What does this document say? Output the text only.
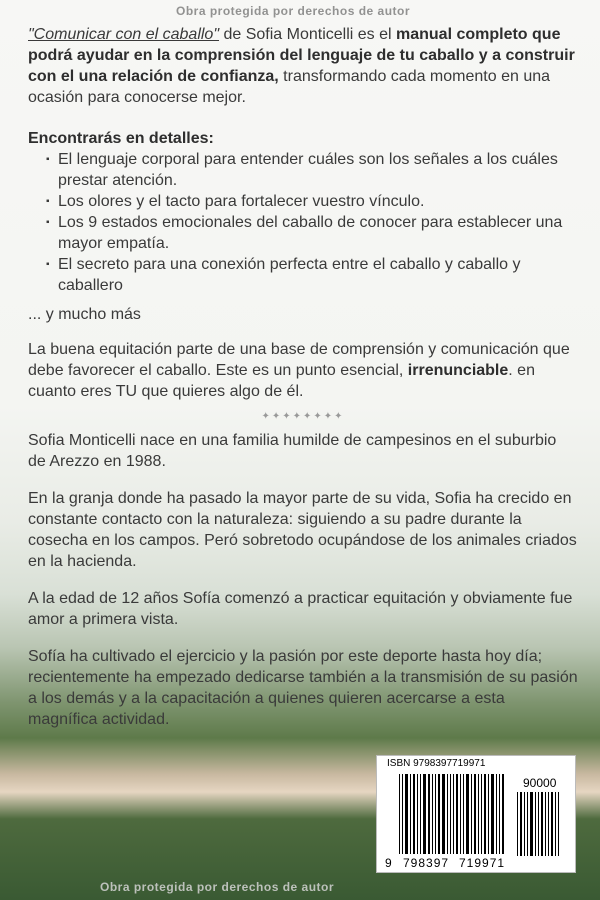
Obra protegida por derechos de autor

"Comunicar con el caballo" de Sofia Monticelli es el manual completo que podrá ayudar en la comprensión del lenguaje de tu caballo y a construir con el una relación de confianza, transformando cada momento en una ocasión para conocerse mejor.

Encontrarás en detalles:

▪ El lenguaje corporal para entender cuáles son los señales a los cuáles prestar atención.
▪ Los olores y el tacto para fortalecer vuestro vínculo.
▪ Los 9 estados emocionales del caballo de conocer para establecer una mayor empatía.
▪ El secreto para una conexión perfecta entre el caballo y caballo y caballero

... y mucho más

La buena equitación parte de una base de comprensión y comunicación que debe favorecer el caballo. Este es un punto esencial, irrenunciable. en cuanto eres TU que quieres algo de él.

✦✦✦✦✦✦✦✦

Sofia Monticelli nace en una familia humilde de campesinos en el suburbio de Arezzo en 1988.

En la granja donde ha pasado la mayor parte de su vida, Sofia ha crecido en constante contacto con la naturaleza: siguiendo a su padre durante la cosecha en los campos. Peró sobretodo ocupándose de los animales criados en la hacienda.

A la edad de 12 años Sofía comenzó a practicar equitación y obviamente fue amor a primera vista.

Sofía ha cultivado el ejercicio y la pasión por este deporte hasta hoy día; recientemente ha empezado dedicarse también a la transmisión de su pasión a los demás y a la capacitación a quienes quieren acercarse a esta magnífica actividad.

ISBN 9798397719971
90000
9 798397 719971
Obra protegida por derechos de autor
